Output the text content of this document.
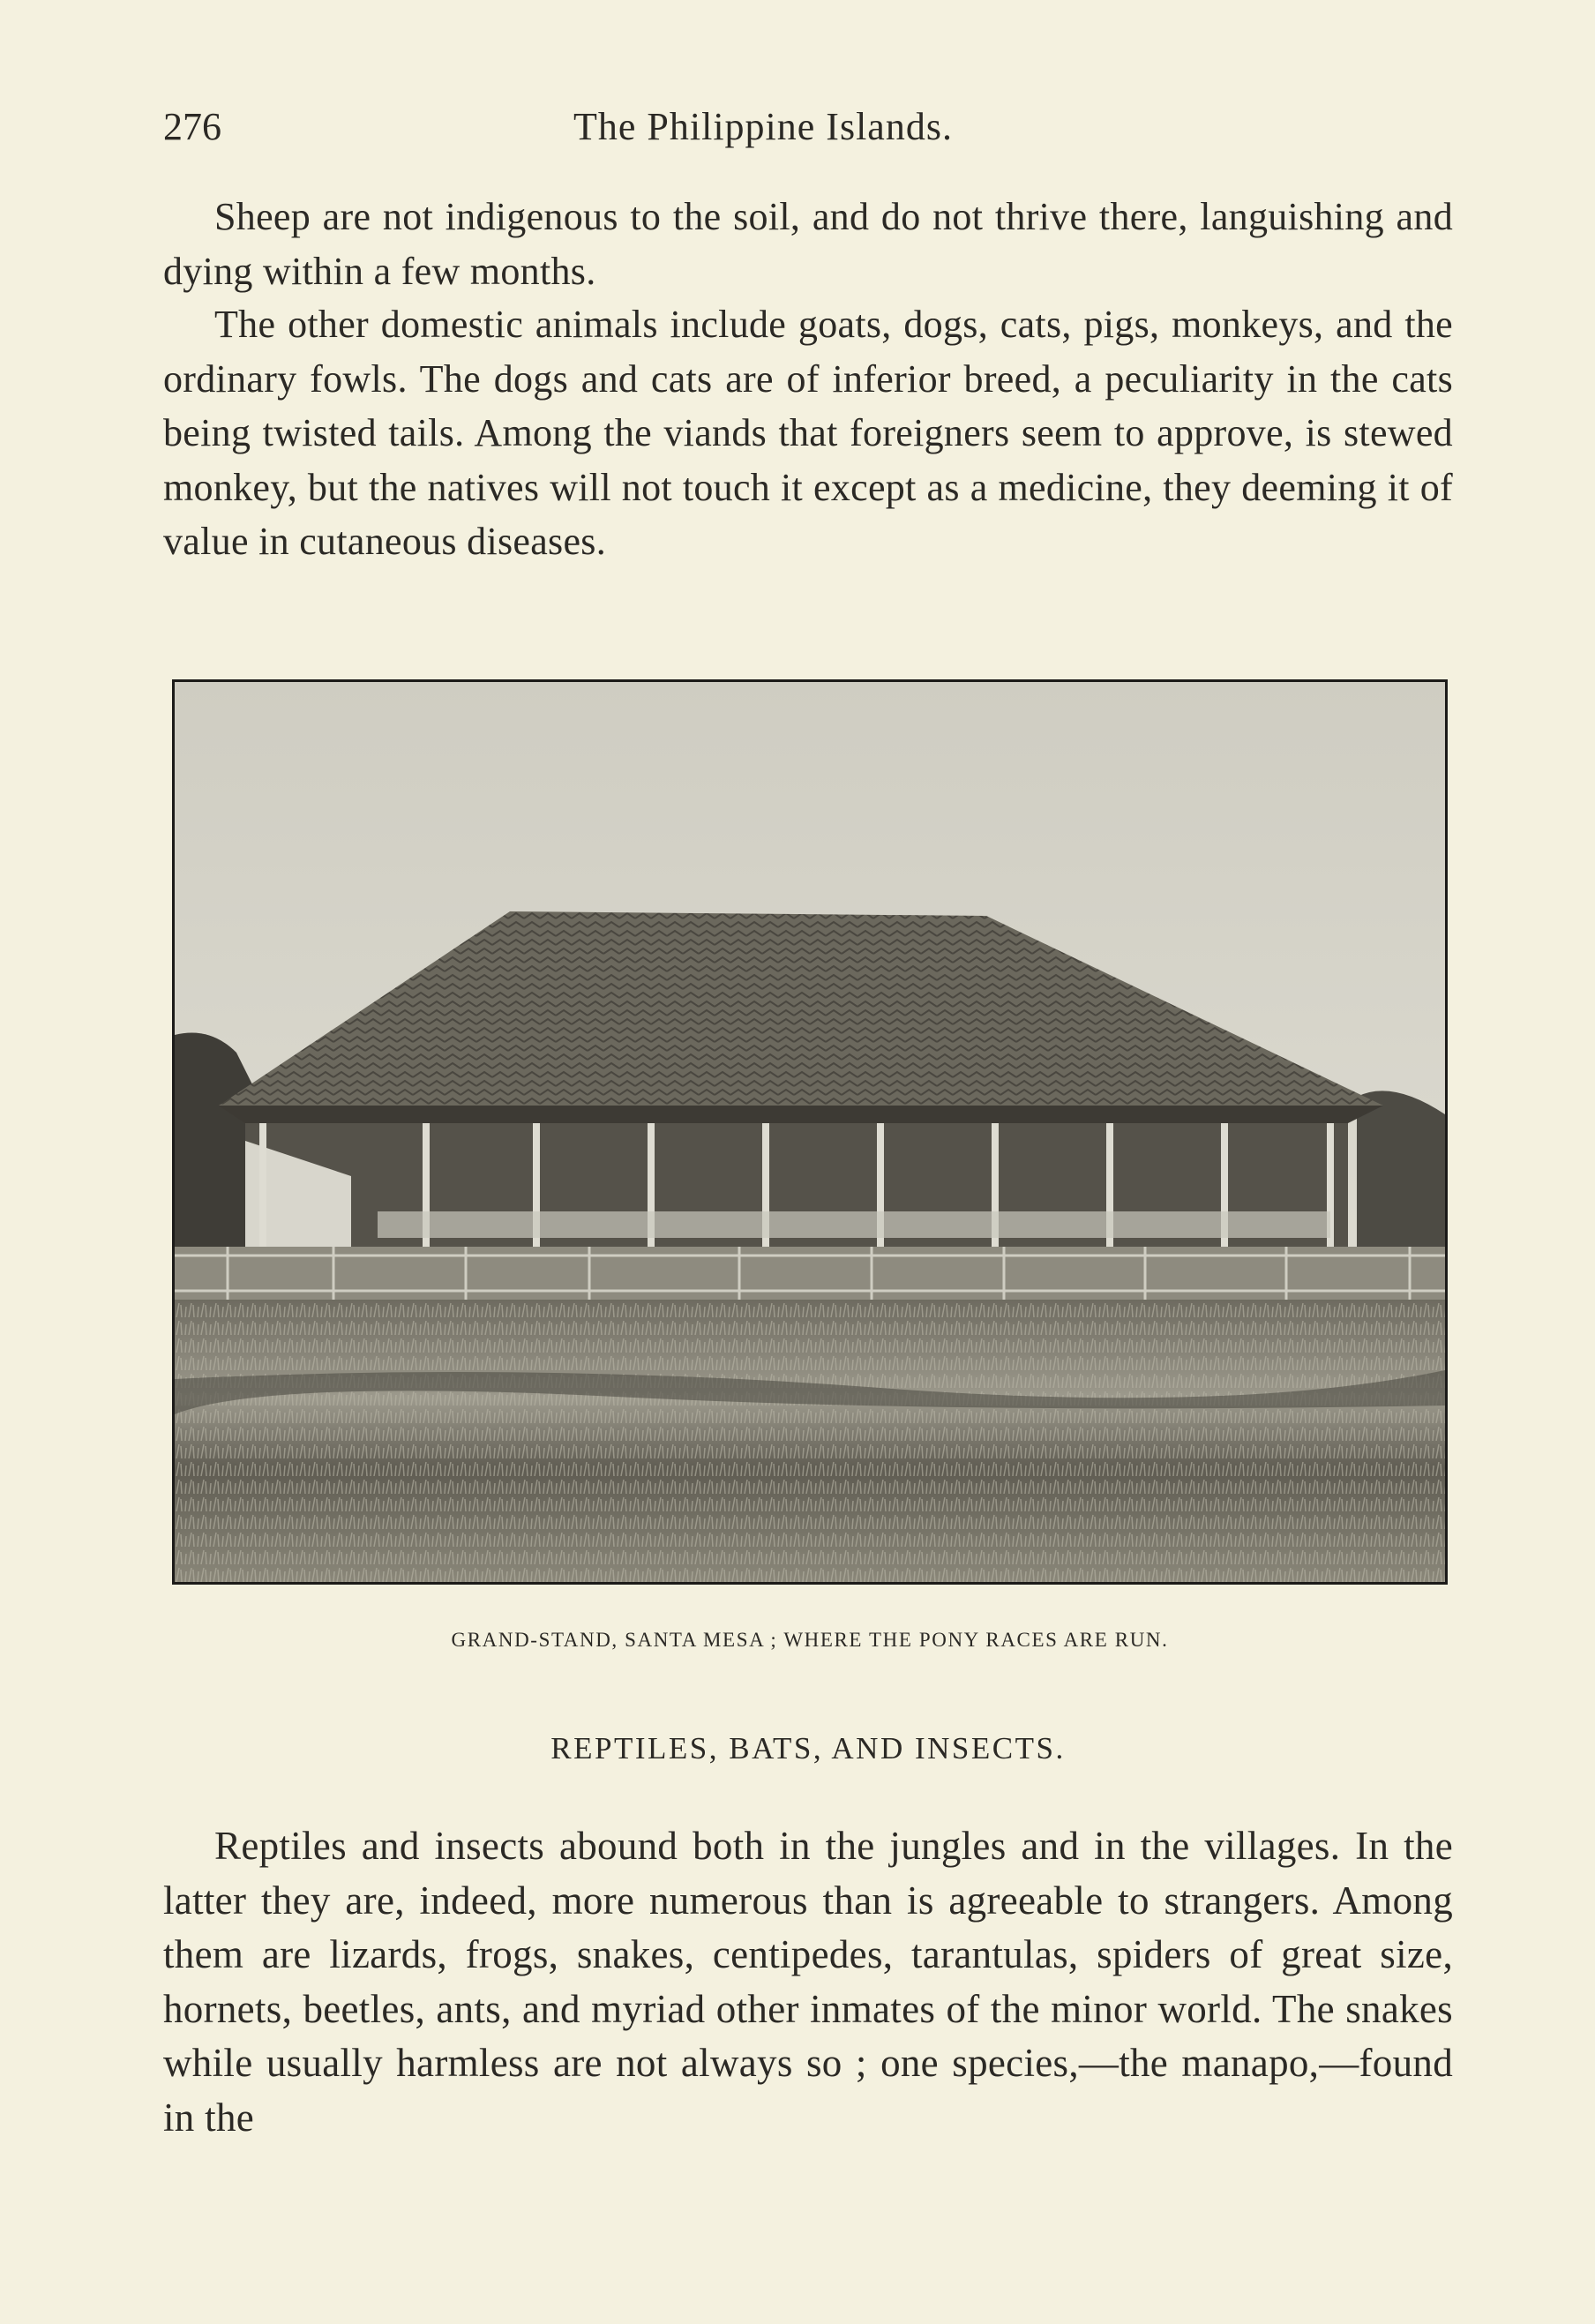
276	The Philippine Islands.

Sheep are not indigenous to the soil, and do not thrive there, languishing and dying within a few months.

The other domestic animals include goats, dogs, cats, pigs, monkeys, and the ordinary fowls. The dogs and cats are of inferior breed, a peculiarity in the cats being twisted tails. Among the viands that foreigners seem to approve, is stewed monkey, but the natives will not touch it except as a medicine, they deeming it of value in cutaneous diseases.

GRAND-STAND, SANTA MESA ; WHERE THE PONY RACES ARE RUN.
REPTILES, BATS, AND INSECTS.

Reptiles and insects abound both in the jungles and in the villages. In the latter they are, indeed, more numerous than is agreeable to strangers. Among them are lizards, frogs, snakes, centipedes, tarantulas, spiders of great size, hornets, beetles, ants, and myriad other inmates of the minor world. The snakes while usually harmless are not always so ; one species,—the manapo,—found in the
